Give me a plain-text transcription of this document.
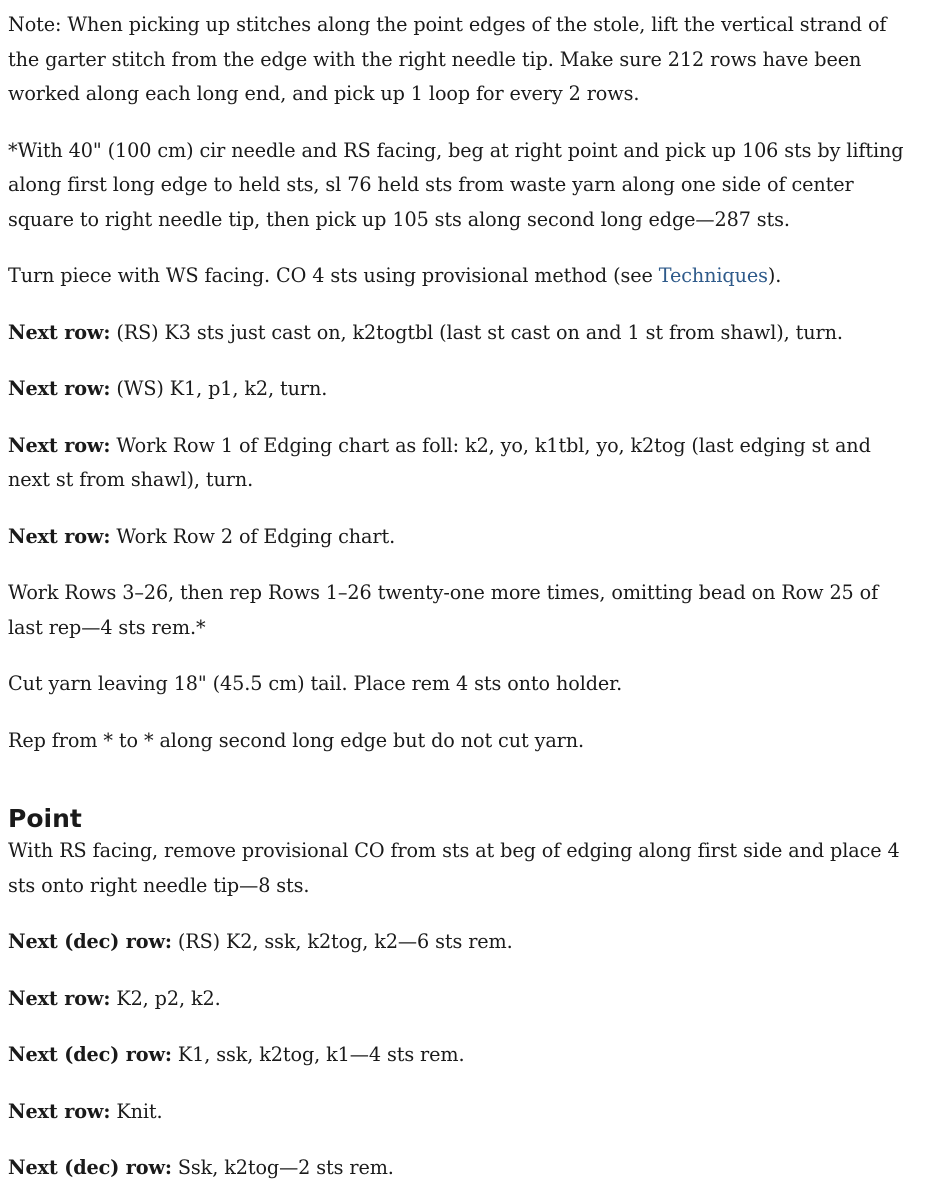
Note: When picking up stitches along the point edges of the stole, lift the vertical strand of the garter stitch from the edge with the right needle tip. Make sure 212 rows have been worked along each long end, and pick up 1 loop for every 2 rows.

*With 40" (100 cm) cir needle and RS facing, beg at right point and pick up 106 sts by lifting along first long edge to held sts, sl 76 held sts from waste yarn along one side of center square to right needle tip, then pick up 105 sts along second long edge—287 sts.

Turn piece with WS facing. CO 4 sts using provisional method (see Techniques).

Next row: (RS) K3 sts just cast on, k2togtbl (last st cast on and 1 st from shawl), turn.

Next row: (WS) K1, p1, k2, turn.

Next row: Work Row 1 of Edging chart as foll: k2, yo, k1tbl, yo, k2tog (last edging st and next st from shawl), turn.

Next row: Work Row 2 of Edging chart.

Work Rows 3–26, then rep Rows 1–26 twenty-one more times, omitting bead on Row 25 of last rep—4 sts rem.*

Cut yarn leaving 18" (45.5 cm) tail. Place rem 4 sts onto holder.

Rep from * to * along second long edge but do not cut yarn.

Point

With RS facing, remove provisional CO from sts at beg of edging along first side and place 4 sts onto right needle tip—8 sts.

Next (dec) row: (RS) K2, ssk, k2tog, k2—6 sts rem.

Next row: K2, p2, k2.

Next (dec) row: K1, ssk, k2tog, k1—4 sts rem.

Next row: Knit.

Next (dec) row: Ssk, k2tog—2 sts rem.
